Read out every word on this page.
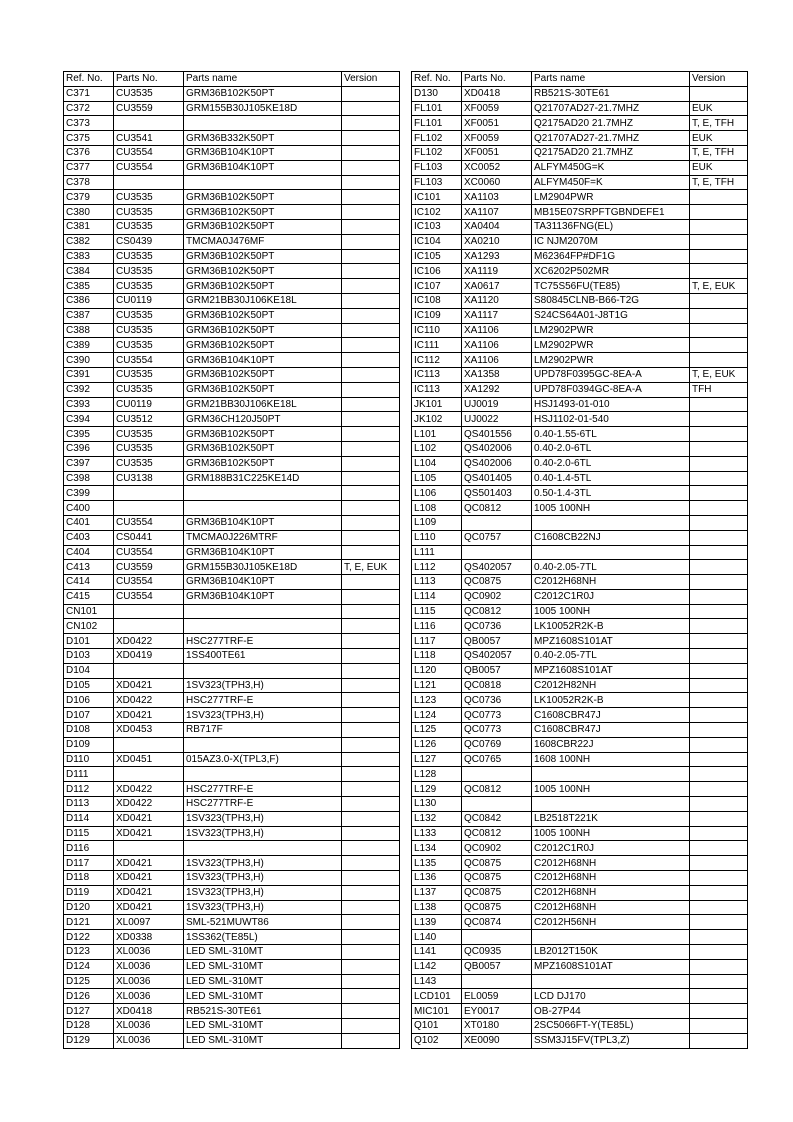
Ref. No.	Parts No.	Parts name	Version
C371	CU3535	GRM36B102K50PT	
C372	CU3559	GRM155B30J105KE18D	
C373			
C375	CU3541	GRM36B332K50PT	
C376	CU3554	GRM36B104K10PT	
C377	CU3554	GRM36B104K10PT	
C378			
C379	CU3535	GRM36B102K50PT	
C380	CU3535	GRM36B102K50PT	
C381	CU3535	GRM36B102K50PT	
C382	CS0439	TMCMA0J476MF	
C383	CU3535	GRM36B102K50PT	
C384	CU3535	GRM36B102K50PT	
C385	CU3535	GRM36B102K50PT	
C386	CU0119	GRM21BB30J106KE18L	
C387	CU3535	GRM36B102K50PT	
C388	CU3535	GRM36B102K50PT	
C389	CU3535	GRM36B102K50PT	
C390	CU3554	GRM36B104K10PT	
C391	CU3535	GRM36B102K50PT	
C392	CU3535	GRM36B102K50PT	
C393	CU0119	GRM21BB30J106KE18L	
C394	CU3512	GRM36CH120J50PT	
C395	CU3535	GRM36B102K50PT	
C396	CU3535	GRM36B102K50PT	
C397	CU3535	GRM36B102K50PT	
C398	CU3138	GRM188B31C225KE14D	
C399			
C400			
C401	CU3554	GRM36B104K10PT	
C403	CS0441	TMCMA0J226MTRF	
C404	CU3554	GRM36B104K10PT	
C413	CU3559	GRM155B30J105KE18D	T, E, EUK
C414	CU3554	GRM36B104K10PT	
C415	CU3554	GRM36B104K10PT	
CN101			
CN102			
D101	XD0422	HSC277TRF-E	
D103	XD0419	1SS400TE61	
D104			
D105	XD0421	1SV323(TPH3,H)	
D106	XD0422	HSC277TRF-E	
D107	XD0421	1SV323(TPH3,H)	
D108	XD0453	RB717F	
D109			
D110	XD0451	015AZ3.0-X(TPL3,F)	
D111			
D112	XD0422	HSC277TRF-E	
D113	XD0422	HSC277TRF-E	
D114	XD0421	1SV323(TPH3,H)	
D115	XD0421	1SV323(TPH3,H)	
D116			
D117	XD0421	1SV323(TPH3,H)	
D118	XD0421	1SV323(TPH3,H)	
D119	XD0421	1SV323(TPH3,H)	
D120	XD0421	1SV323(TPH3,H)	
D121	XL0097	SML-521MUWT86	
D122	XD0338	1SS362(TE85L)	
D123	XL0036	LED SML-310MT	
D124	XL0036	LED SML-310MT	
D125	XL0036	LED SML-310MT	
D126	XL0036	LED SML-310MT	
D127	XD0418	RB521S-30TE61	
D128	XL0036	LED SML-310MT	
D129	XL0036	LED SML-310MT	
Ref. No.	Parts No.	Parts name	Version
D130	XD0418	RB521S-30TE61	
FL101	XF0059	Q21707AD27-21.7MHZ	EUK
FL101	XF0051	Q2175AD20 21.7MHZ	T, E, TFH
FL102	XF0059	Q21707AD27-21.7MHZ	EUK
FL102	XF0051	Q2175AD20 21.7MHZ	T, E, TFH
FL103	XC0052	ALFYM450G=K	EUK
FL103	XC0060	ALFYM450F=K	T, E, TFH
IC101	XA1103	LM2904PWR	
IC102	XA1107	MB15E07SRPFTGBNDEFE1	
IC103	XA0404	TA31136FNG(EL)	
IC104	XA0210	IC NJM2070M	
IC105	XA1293	M62364FP#DF1G	
IC106	XA1119	XC6202P502MR	
IC107	XA0617	TC75S56FU(TE85)	T, E, EUK
IC108	XA1120	S80845CLNB-B66-T2G	
IC109	XA1117	S24CS64A01-J8T1G	
IC110	XA1106	LM2902PWR	
IC111	XA1106	LM2902PWR	
IC112	XA1106	LM2902PWR	
IC113	XA1358	UPD78F0395GC-8EA-A	T, E, EUK
IC113	XA1292	UPD78F0394GC-8EA-A	TFH
JK101	UJ0019	HSJ1493-01-010	
JK102	UJ0022	HSJ1102-01-540	
L101	QS401556	0.40-1.55-6TL	
L102	QS402006	0.40-2.0-6TL	
L104	QS402006	0.40-2.0-6TL	
L105	QS401405	0.40-1.4-5TL	
L106	QS501403	0.50-1.4-3TL	
L108	QC0812	1005 100NH	
L109			
L110	QC0757	C1608CB22NJ	
L111			
L112	QS402057	0.40-2.05-7TL	
L113	QC0875	C2012H68NH	
L114	QC0902	C2012C1R0J	
L115	QC0812	1005 100NH	
L116	QC0736	LK10052R2K-B	
L117	QB0057	MPZ1608S101AT	
L118	QS402057	0.40-2.05-7TL	
L120	QB0057	MPZ1608S101AT	
L121	QC0818	C2012H82NH	
L123	QC0736	LK10052R2K-B	
L124	QC0773	C1608CBR47J	
L125	QC0773	C1608CBR47J	
L126	QC0769	1608CBR22J	
L127	QC0765	1608 100NH	
L128			
L129	QC0812	1005 100NH	
L130			
L132	QC0842	LB2518T221K	
L133	QC0812	1005 100NH	
L134	QC0902	C2012C1R0J	
L135	QC0875	C2012H68NH	
L136	QC0875	C2012H68NH	
L137	QC0875	C2012H68NH	
L138	QC0875	C2012H68NH	
L139	QC0874	C2012H56NH	
L140			
L141	QC0935	LB2012T150K	
L142	QB0057	MPZ1608S101AT	
L143			
LCD101	EL0059	LCD DJ170	
MIC101	EY0017	OB-27P44	
Q101	XT0180	2SC5066FT-Y(TE85L)	
Q102	XE0090	SSM3J15FV(TPL3,Z)	
